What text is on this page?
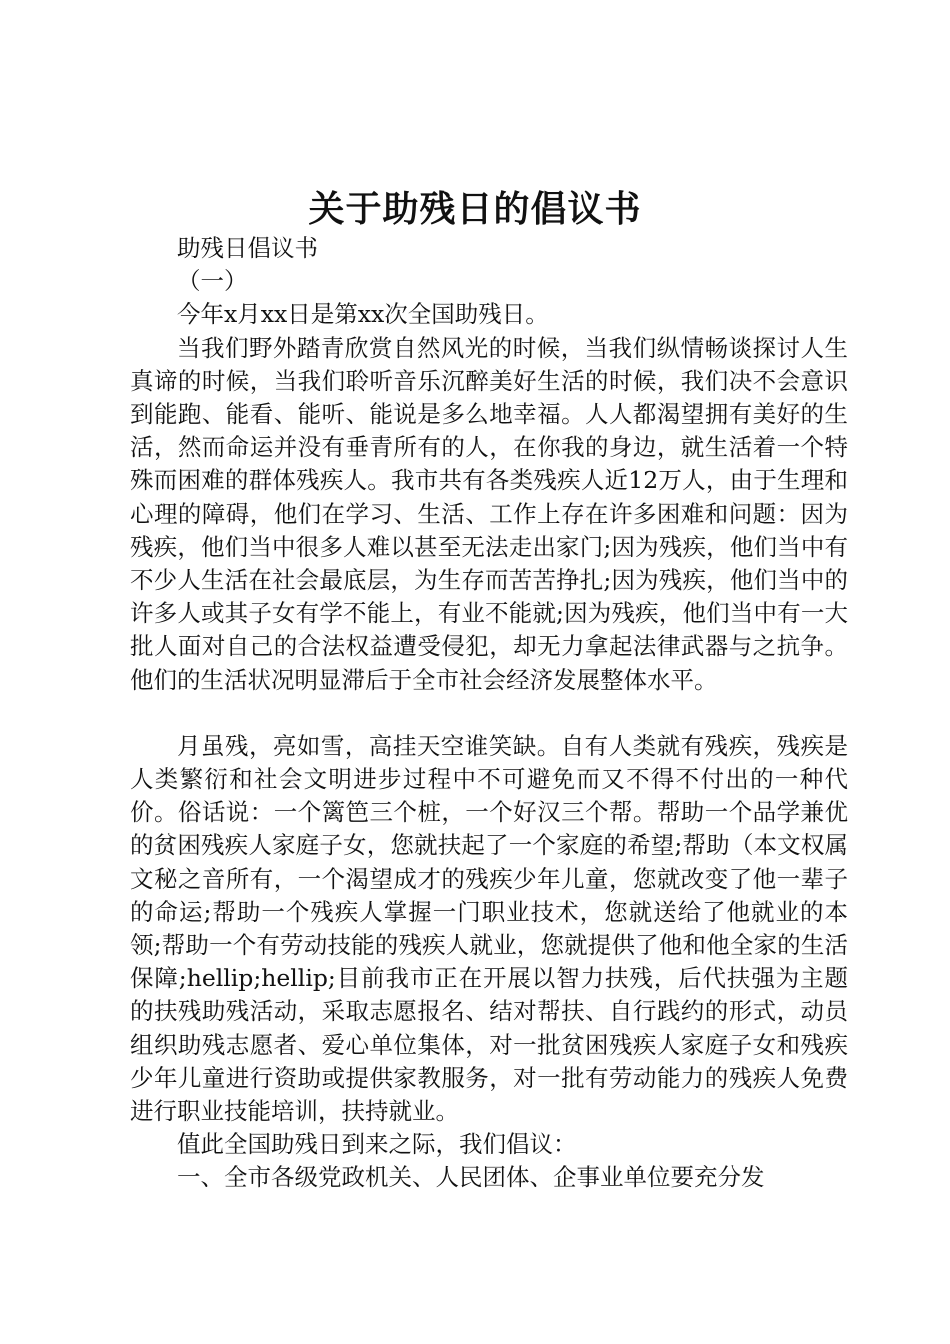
关于助残日的倡议书

助残日倡议书

（一）

今年x月xx日是第xx次全国助残日。

当我们野外踏青欣赏自然风光的时候，当我们纵情畅谈探讨人生真谛的时候，当我们聆听音乐沉醉美好生活的时候，我们决不会意识到能跑、能看、能听、能说是多么地幸福。人人都渴望拥有美好的生活，然而命运并没有垂青所有的人，在你我的身边，就生活着一个特殊而困难的群体残疾人。我市共有各类残疾人近12万人，由于生理和心理的障碍，他们在学习、生活、工作上存在许多困难和问题：因为残疾，他们当中很多人难以甚至无法走出家门;因为残疾，他们当中有不少人生活在社会最底层，为生存而苦苦挣扎;因为残疾，他们当中的许多人或其子女有学不能上，有业不能就;因为残疾，他们当中有一大批人面对自己的合法权益遭受侵犯，却无力拿起法律武器与之抗争。他们的生活状况明显滞后于全市社会经济发展整体水平。

月虽残，亮如雪，高挂天空谁笑缺。自有人类就有残疾，残疾是人类繁衍和社会文明进步过程中不可避免而又不得不付出的一种代价。俗话说：一个篱笆三个桩，一个好汉三个帮。帮助一个品学兼优的贫困残疾人家庭子女，您就扶起了一个家庭的希望;帮助（本文权属文秘之音所有，一个渴望成才的残疾少年儿童，您就改变了他一辈子的命运;帮助一个残疾人掌握一门职业技术，您就送给了他就业的本领;帮助一个有劳动技能的残疾人就业，您就提供了他和他全家的生活保障;hellip;hellip;目前我市正在开展以智力扶残，后代扶强为主题的扶残助残活动，采取志愿报名、结对帮扶、自行践约的形式，动员组织助残志愿者、爱心单位集体，对一批贫困残疾人家庭子女和残疾少年儿童进行资助或提供家教服务，对一批有劳动能力的残疾人免费进行职业技能培训，扶持就业。

值此全国助残日到来之际，我们倡议：

一、全市各级党政机关、人民团体、企事业单位要充分发
